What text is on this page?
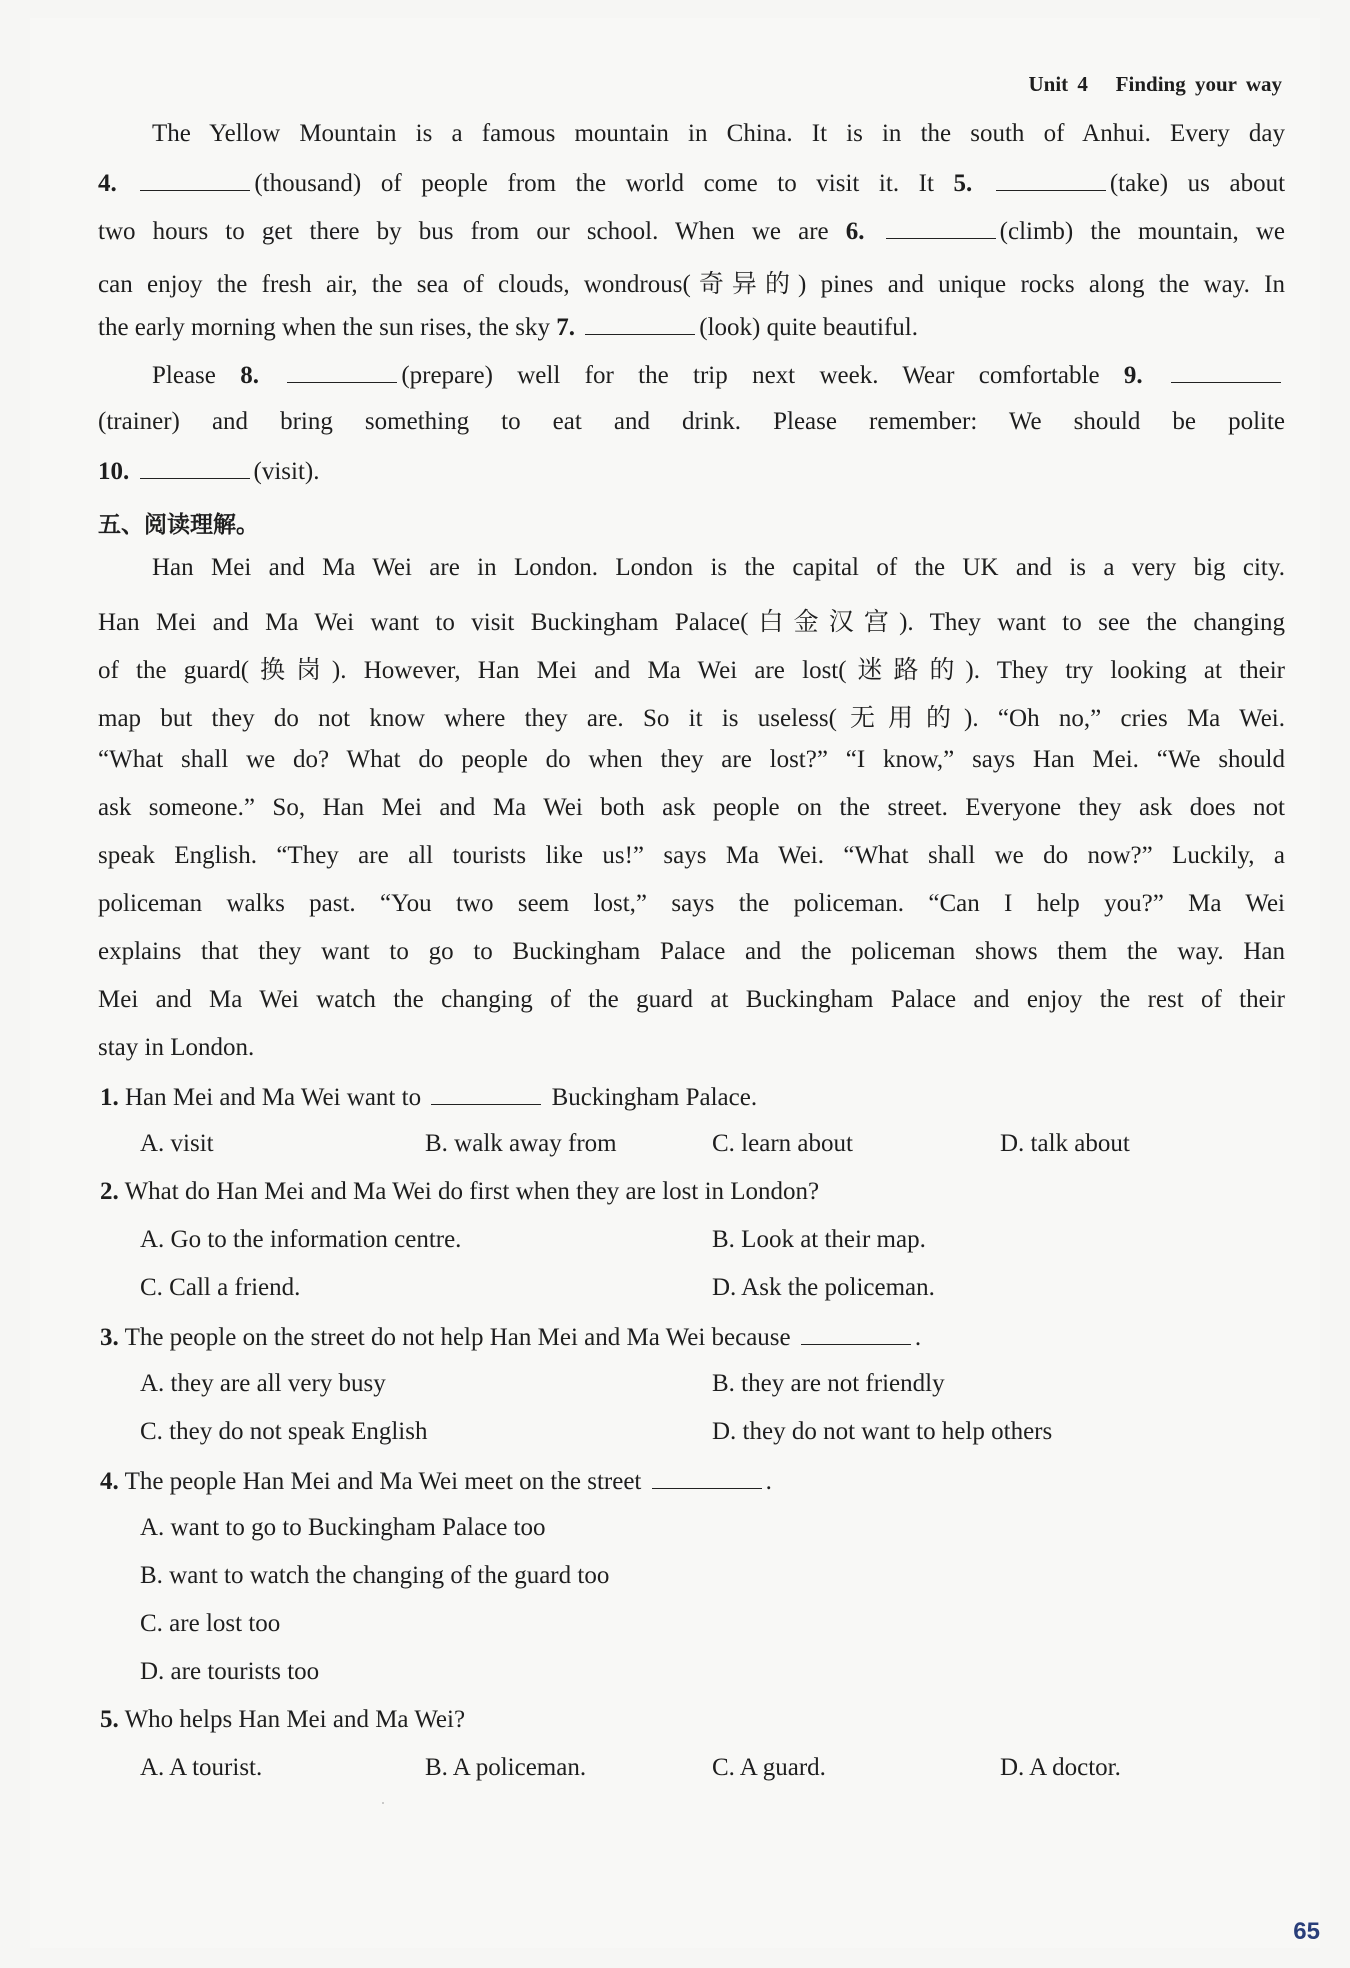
Unit 4 Finding your way
The Yellow Mountain is a famous mountain in China. It is in the south of Anhui. Every day
4.	(thousand) of people from the world come to visit it. It 5.	(take) us about
two hours to get there by bus from our school. When we are 6.	(climb) the mountain, we
can enjoy the fresh air, the sea of clouds, wondrous(奇异的) pines and unique rocks along the way. In
the early morning when the sun rises, the sky 7.	(look) quite beautiful.
Please 8.	(prepare) well for the trip next week. Wear comfortable 9.
(trainer) and bring something to eat and drink. Please remember: We should be polite
10.	(visit).
五、阅读理解。
Han Mei and Ma Wei are in London. London is the capital of the UK and is a very big city.
Han Mei and Ma Wei want to visit Buckingham Palace(白金汉宫). They want to see the changing
of the guard(换岗). However, Han Mei and Ma Wei are lost(迷路的). They try looking at their
map but they do not know where they are. So it is useless(无用的). “Oh no,” cries Ma Wei.
“What shall we do? What do people do when they are lost?” “I know,” says Han Mei. “We should
ask someone.” So, Han Mei and Ma Wei both ask people on the street. Everyone they ask does not
speak English. “They are all tourists like us!” says Ma Wei. “What shall we do now?” Luckily, a
policeman walks past. “You two seem lost,” says the policeman. “Can I help you?” Ma Wei
explains that they want to go to Buckingham Palace and the policeman shows them the way. Han
Mei and Ma Wei watch the changing of the guard at Buckingham Palace and enjoy the rest of their
stay in London.
1. Han Mei and Ma Wei want to	Buckingham Palace.
A. visit	B. walk away from	C. learn about	D. talk about
2. What do Han Mei and Ma Wei do first when they are lost in London?
A. Go to the information centre.	B. Look at their map.
C. Call a friend.	D. Ask the policeman.
3. The people on the street do not help Han Mei and Ma Wei because	.
A. they are all very busy	B. they are not friendly
C. they do not speak English	D. they do not want to help others
4. The people Han Mei and Ma Wei meet on the street	.
A. want to go to Buckingham Palace too
B. want to watch the changing of the guard too
C. are lost too
D. are tourists too
5. Who helps Han Mei and Ma Wei?
A. A tourist.	B. A policeman.	C. A guard.	D. A doctor.
65
